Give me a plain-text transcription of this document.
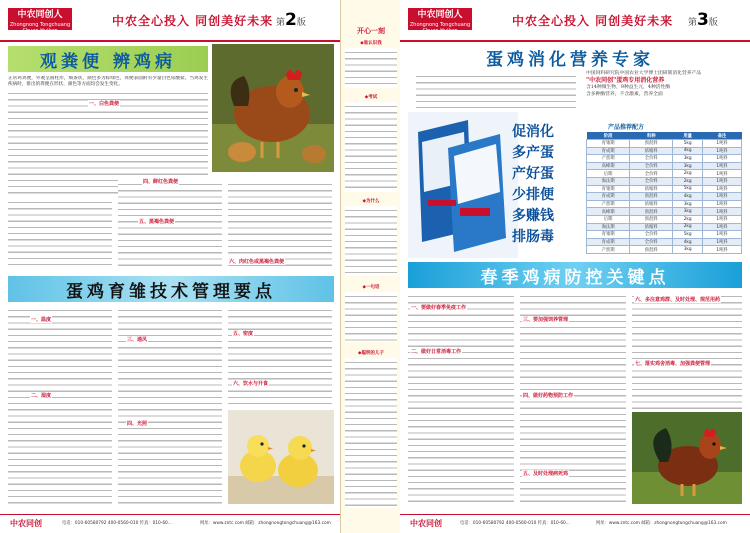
中农同创人
Zhongnong Tongchuang Chuan Huikan
中农全心投入 同创美好未来 第2版
观粪便 辨鸡病
正常鸡粪便，外观呈圆柱形，细条状，颜色多为棕绿色，粪便表面附有少量白色尿酸盐。当鸡发生疾病时，排出的粪便在形状、颜色等方面均会发生变化。
一、白色粪便
四、鲜红色粪便
五、黑褐色粪便
六、肉红色或黑褐色粪便
蛋鸡育雏技术管理要点
一、温度
二、湿度
三、通风
四、光照
五、密度
六、饮水与开食
中农同创	电话：010-60580792 400-0560-010 传真：010-60...	网址：www.zntc.com 邮箱：zhongnongtongchuang@163.com
开心一刻
◆谁认识我
◆考试
◆为什么
◆一句话
◆聪明的儿子
中农同创人
Zhongnong Tongchuang Chuan Huikan
中农全心投入 同创美好未来 第3版
蛋鸡消化营养专家
促消化
多产蛋
产好蛋
少排便
多赚钱
排肠毒
中国饲料研究院中国农业大学博士团研制消化营养产品
"中农同创"蛋鸡专用消化营养
含14种微生物，9种益生元，4种活性酶
含多种酶营养，不含激素，营养全面
产品推荐配方
阶段	料种	用量	备注
育雏期	预混料	5kg	1吨料
育成期	浓缩料	4kg	1吨料
产蛋期	全价料	3kg	1吨料
高峰期	全价料	3kg	1吨料
后期	全价料	2kg	1吨料
淘汰期	全价料	2kg	1吨料
育雏期	浓缩料	5kg	1吨料
育成期	预混料	4kg	1吨料
产蛋期	浓缩料	3kg	1吨料
高峰期	预混料	3kg	1吨料
后期	预混料	2kg	1吨料
淘汰期	浓缩料	2kg	1吨料
育雏期	全价料	5kg	1吨料
育成期	全价料	4kg	1吨料
产蛋期	预混料	3kg	1吨料
春季鸡病防控关键点
一、要做好春季免疫工作
二、做好日常消毒工作
三、要加强饲养管理
四、做好药物预防工作
五、及时处理病死鸡
六、多注意鸡群、及时处理、规范用药
七、落实鸡舍消毒、加强粪便管理
中农同创	电话：010-60580792 400-0560-010 传真：010-60...	网址：www.zntc.com 邮箱：zhongnongtongchuang@163.com
